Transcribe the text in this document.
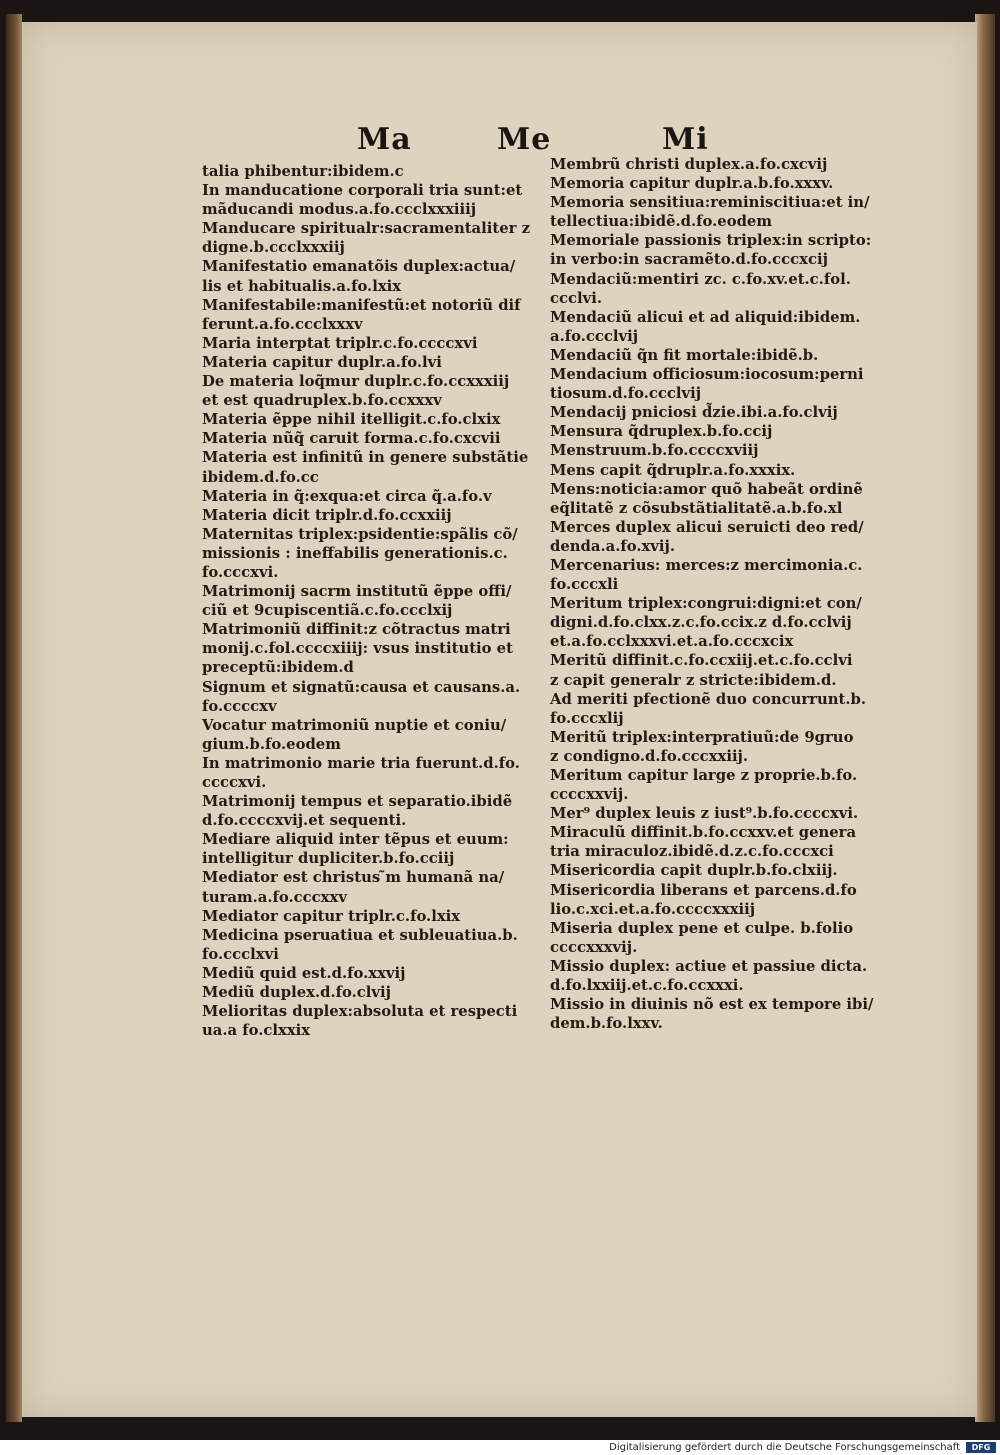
Ma	Me	Mi
talia phibentur:ibidem.c
In manducatione corporali tria sunt:et
mãducandi modus.a.fo.ccclxxxiiij
Manducare spiritualr:sacramentaliter z
digne.b.ccclxxxiij
Manifestatio emanatõis duplex:actua/
lis et habitualis.a.fo.lxix
Manifestabile:manifestũ:et notoriũ dif
ferunt.a.fo.ccclxxxv
Maria interptat triplr.c.fo.ccccxvi
Materia capitur duplr.a.fo.lvi
De materia loq̃mur duplr.c.fo.ccxxxiij
et est quadruplex.b.fo.ccxxxv
Materia ẽppe nihil itelligit.c.fo.clxix
Materia nũq̃ caruit forma.c.fo.cxcvii
Materia est infinitũ in genere substãtie
ibidem.d.fo.cc
Materia in q̃:exqua:et circa q̃.a.fo.v
Materia dicit triplr.d.fo.ccxxiij
Maternitas triplex:psidentie:spãlis cõ/
missionis : ineffabilis generationis.c.
fo.cccxvi.
Matrimonij sacrm institutũ ẽppe offi/
ciũ et 9cupiscentiã.c.fo.ccclxij
Matrimoniũ diffinit:z cõtractus matri
monij.c.fol.ccccxiiij: vsus institutio et
preceptũ:ibidem.d
Signum et signatũ:causa et causans.a.
fo.ccccxv
Vocatur matrimoniũ nuptie et coniu/
gium.b.fo.eodem
In matrimonio marie tria fuerunt.d.fo.
ccccxvi.
Matrimonij tempus et separatio.ibidẽ
d.fo.ccccxvij.et sequenti.
Mediare aliquid inter tẽpus et euum:
intelligitur dupliciter.b.fo.cciij
Mediator est christus ̃m humanã na/
turam.a.fo.cccxxv
Mediator capitur triplr.c.fo.lxix
Medicina pseruatiua et subleuatiua.b.
fo.ccclxvi
Mediũ quid est.d.fo.xxvij
Mediũ duplex.d.fo.clvij
Melioritas duplex:absoluta et respecti
ua.a fo.clxxix
Membrũ christi duplex.a.fo.cxcvij
Memoria capitur duplr.a.b.fo.xxxv.
Memoria sensitiua:reminiscitiua:et in/
tellectiua:ibidẽ.d.fo.eodem
Memoriale passionis triplex:in scripto:
in verbo:in sacramẽto.d.fo.cccxcij
Mendaciũ:mentiri zc. c.fo.xv.et.c.fol.
ccclvi.
Mendaciũ alicui et ad aliquid:ibidem.
a.fo.ccclvij
Mendaciũ q̃n fit mortale:ibidẽ.b.
Mendacium officiosum:iocosum:perni
tiosum.d.fo.ccclvij
Mendacij pniciosi d̃zie.ibi.a.fo.clvij
Mensura q̃druplex.b.fo.ccij
Menstruum.b.fo.ccccxviij
Mens capit q̃druplr.a.fo.xxxix.
Mens:noticia:amor quõ habeãt ordinẽ
eq̃litatẽ z cõsubstãtialitatẽ.a.b.fo.xl
Merces duplex alicui seruicti deo red/
denda.a.fo.xvij.
Mercenarius: merces:z mercimonia.c.
fo.cccxli
Meritum triplex:congrui:digni:et con/
digni.d.fo.clxx.z.c.fo.ccix.z d.fo.cclvij
et.a.fo.cclxxxvi.et.a.fo.cccxcix
Meritũ diffinit.c.fo.ccxiij.et.c.fo.cclvi
z capit generalr z stricte:ibidem.d.
Ad meriti pfectionẽ duo concurrunt.b.
fo.cccxlij
Meritũ triplex:interpratiuũ:de 9gruo
z condigno.d.fo.cccxxiij.
Meritum capitur large z proprie.b.fo.
ccccxxvij.
Mer⁹ duplex leuis z iust⁹.b.fo.ccccxvi.
Miraculũ diffinit.b.fo.ccxxv.et genera
tria miraculoz.ibidẽ.d.z.c.fo.cccxci
Misericordia capit duplr.b.fo.clxiij.
Misericordia liberans et parcens.d.fo
lio.c.xci.et.a.fo.ccccxxxiij
Miseria duplex pene et culpe. b.folio
ccccxxxvij.
Missio duplex: actiue et passiue dicta.
d.fo.lxxiij.et.c.fo.ccxxxi.
Missio in diuinis nõ est ex tempore ibi/
dem.b.fo.lxxv.
Digitalisierung gefördert durch die Deutsche Forschungsgemeinschaft	DFG
